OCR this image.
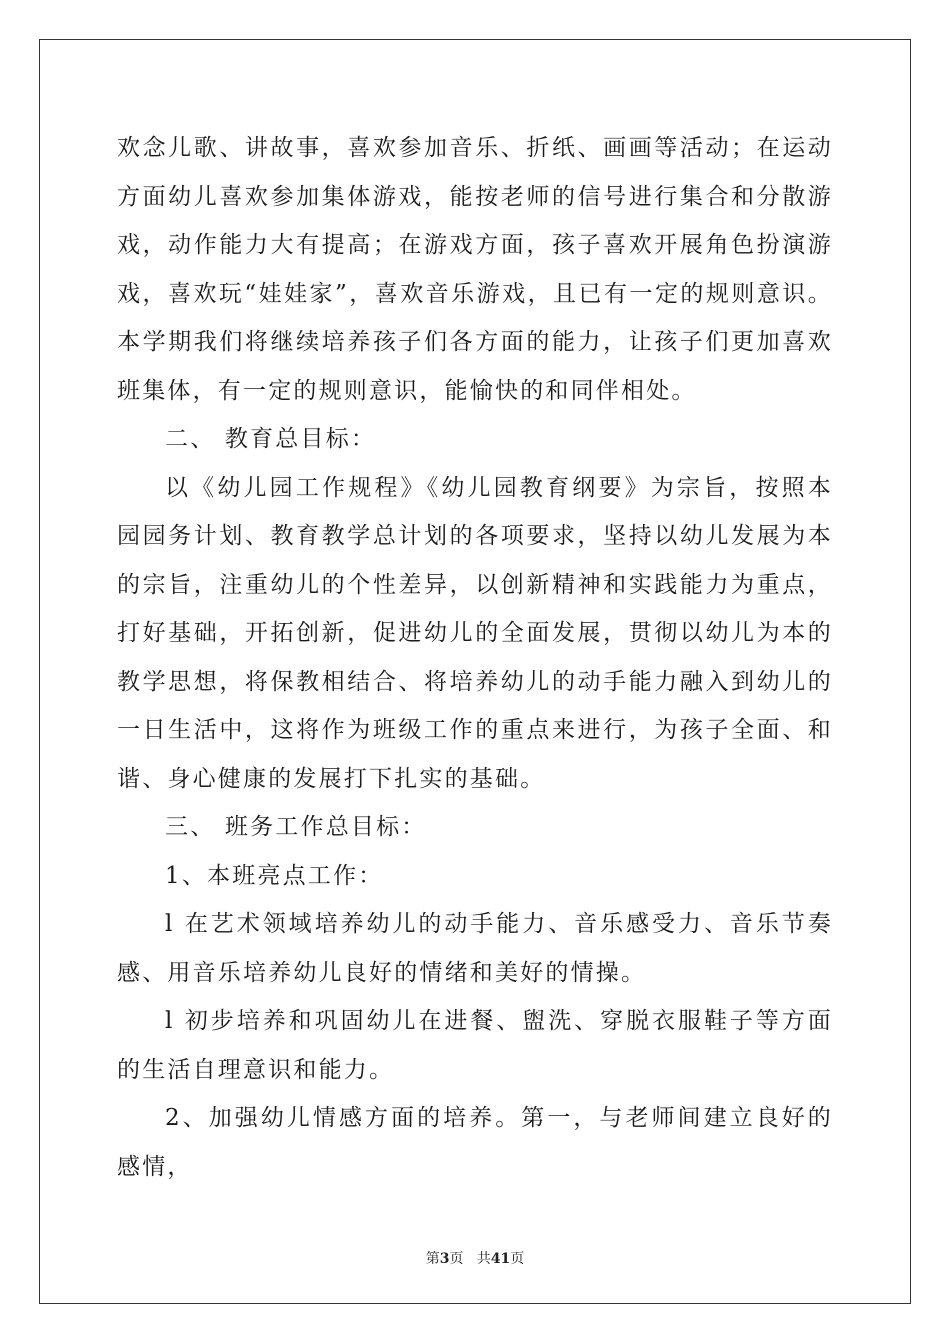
欢念儿歌、讲故事，喜欢参加音乐、折纸、画画等活动；在运动方面幼儿喜欢参加集体游戏，能按老师的信号进行集合和分散游戏，动作能力大有提高；在游戏方面，孩子喜欢开展角色扮演游戏，喜欢玩“娃娃家”，喜欢音乐游戏，且已有一定的规则意识。本学期我们将继续培养孩子们各方面的能力，让孩子们更加喜欢班集体，有一定的规则意识，能愉快的和同伴相处。

二、 教育总目标：

以《幼儿园工作规程》《幼儿园教育纲要》为宗旨，按照本园园务计划、教育教学总计划的各项要求，坚持以幼儿发展为本的宗旨，注重幼儿的个性差异，以创新精神和实践能力为重点，打好基础，开拓创新，促进幼儿的全面发展，贯彻以幼儿为本的教学思想，将保教相结合、将培养幼儿的动手能力融入到幼儿的一日生活中，这将作为班级工作的重点来进行，为孩子全面、和谐、身心健康的发展打下扎实的基础。

三、 班务工作总目标：

1、本班亮点工作：

l 在艺术领域培养幼儿的动手能力、音乐感受力、音乐节奏感、用音乐培养幼儿良好的情绪和美好的情操。

l 初步培养和巩固幼儿在进餐、盥洗、穿脱衣服鞋子等方面的生活自理意识和能力。

2、加强幼儿情感方面的培养。第一，与老师间建立良好的感情，

第3页 共41页
